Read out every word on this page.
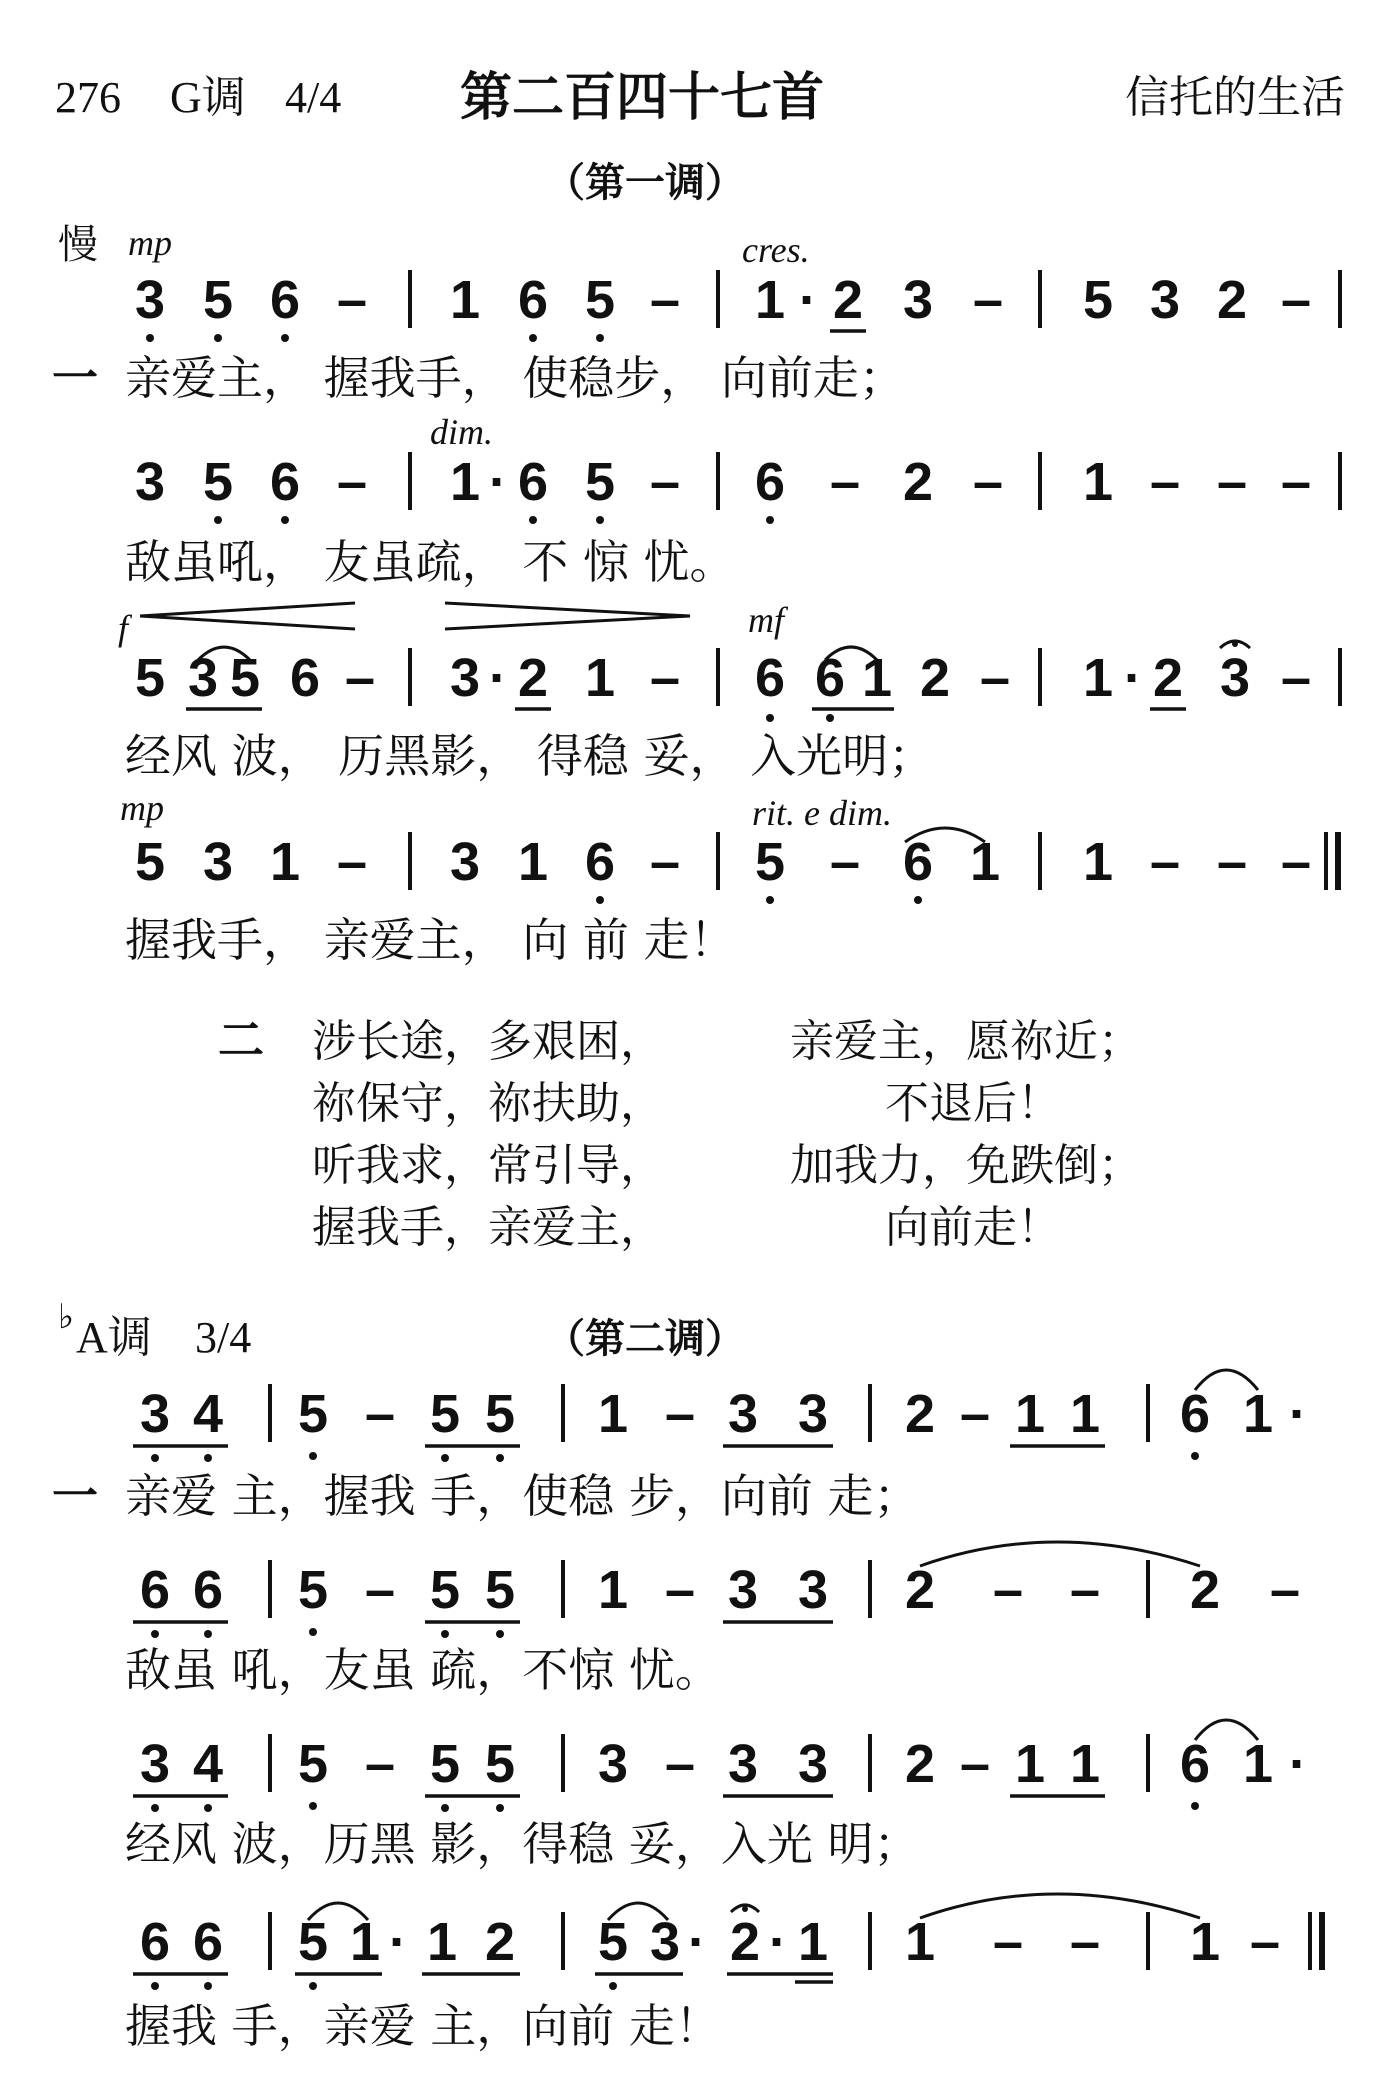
276 G调 4/4 第二百四十七首	信托的生活
（第一调）
慢 mp	cres.
dim.
f	mf
mp	rit. e dim.
3 5 6 – 1 6 5 – 1 · 2 3 – 5 3 2 –
一 亲爱主， 握我手， 使稳步， 向前走；
3 5 6 – 1 · 6 5 – 6 – 2 – 1 – – –
敌虽吼， 友虽疏， 不 惊 忧。
5 3 5 6 – 3 · 2 1 – 6 6 1 2 – 1 · 2 3 –
经风 波， 历黑影， 得稳 妥， 入光明；
5 3 1 – 3 1 6 – 5 – 6 1 1 – – –
握我手， 亲爱主， 向 前 走！
二 涉长途，多艰困，	亲爱主，愿祢近；
祢保守，祢扶助，	不退后！
听我求，常引导，	加我力，免跌倒；
握我手，亲爱主，	向前走！
♭ A调 3/4	（第二调）
3 4 5 – 5 5 1 – 3 3 2 – 1 1 6 1 ·
一 亲爱 主，握我 手，使稳 步，向前 走；
6 6 5 – 5 5 1 – 3 3 2 – – 2 –
敌虽 吼，友虽 疏，不惊 忧。
3 4 5 – 5 5 3 – 3 3 2 – 1 1 6 1 ·
经风 波，历黑 影，得稳 妥，入光 明；
6 6 5 1 · 1 2 5 3 · 2 · 1 1 – – 1 –
握我 手，亲爱 主，向前 走！
